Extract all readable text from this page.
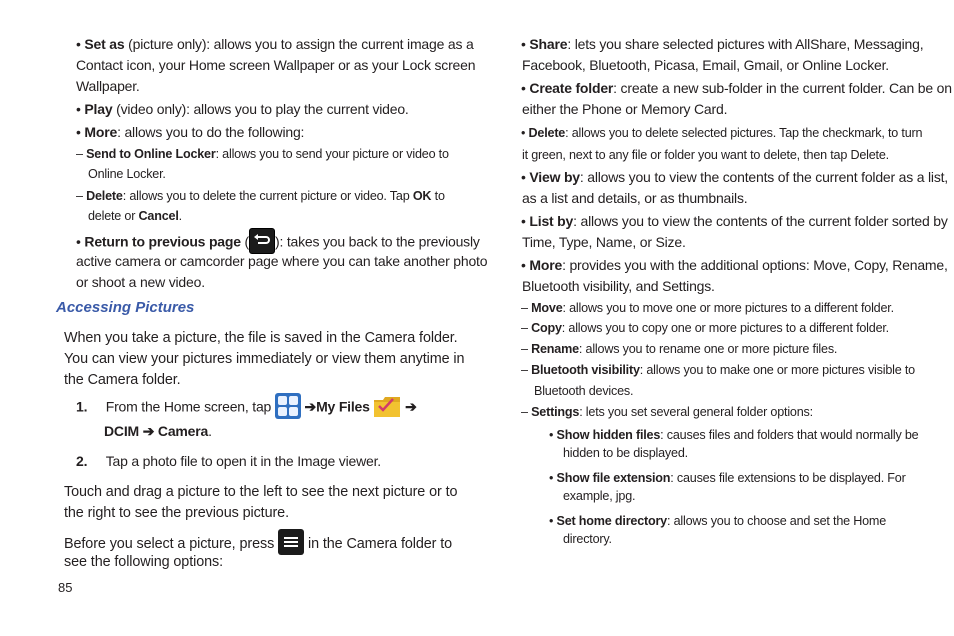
• Set as (picture only): allows you to assign the current image as a

Contact icon, your Home screen Wallpaper or as your Lock screen

Wallpaper.

• Play (video only): allows you to play the current video.

• More: allows you to do the following:

– Send to Online Locker: allows you to send your picture or video to

Online Locker.

– Delete: allows you to delete the current picture or video. Tap OK to

delete or Cancel.

• Return to previous page ( ): takes you back to the previously

active camera or camcorder page where you can take another photo

or shoot a new video.

Accessing Pictures

When you take a picture, the file is saved in the Camera folder.

You can view your pictures immediately or view them anytime in

the Camera folder.

1. From the Home screen, tap ➔My Files	➔

DCIM ➔ Camera.

2. Tap a photo file to open it in the Image viewer.

Touch and drag a picture to the left to see the next picture or to

the right to see the previous picture.

Before you select a picture, press in the Camera folder to

see the following options:

85

• Share: lets you share selected pictures with AllShare, Messaging,

Facebook, Bluetooth, Picasa, Email, Gmail, or Online Locker.

• Create folder: create a new sub-folder in the current folder. Can be on

either the Phone or Memory Card.

• Delete: allows you to delete selected pictures. Tap the checkmark, to turn

it green, next to any file or folder you want to delete, then tap Delete.

• View by: allows you to view the contents of the current folder as a list,

as a list and details, or as thumbnails.

• List by: allows you to view the contents of the current folder sorted by

Time, Type, Name, or Size.

• More: provides you with the additional options: Move, Copy, Rename,

Bluetooth visibility, and Settings.

– Move: allows you to move one or more pictures to a different folder.

– Copy: allows you to copy one or more pictures to a different folder.

– Rename: allows you to rename one or more picture files.

– Bluetooth visibility: allows you to make one or more pictures visible to

Bluetooth devices.

– Settings: lets you set several general folder options:

• Show hidden files: causes files and folders that would normally be

hidden to be displayed.

• Show file extension: causes file extensions to be displayed. For

example, jpg.

• Set home directory: allows you to choose and set the Home

directory.
